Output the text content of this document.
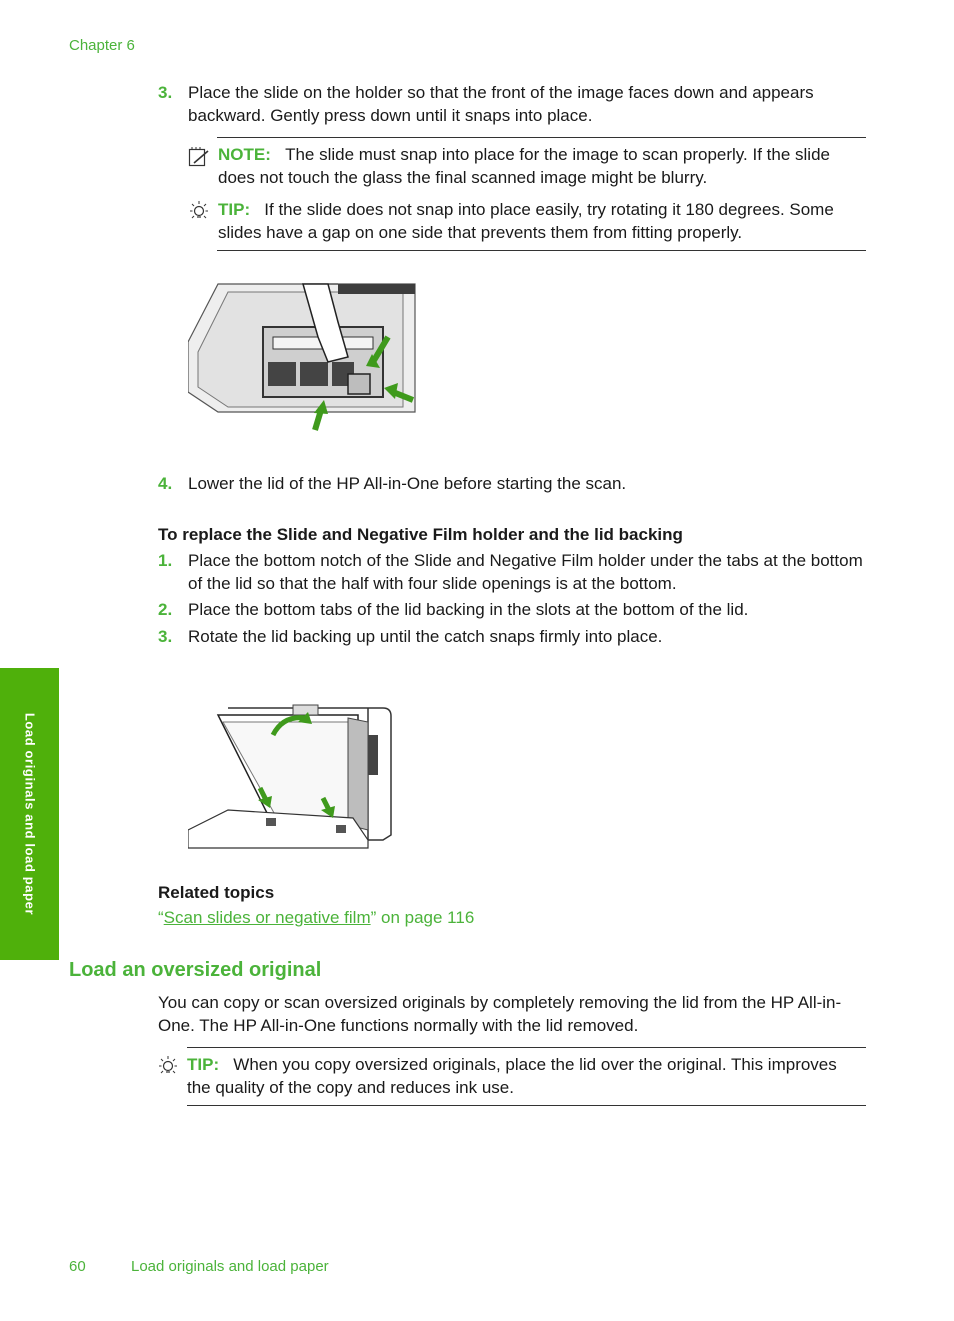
Chapter 6
Load originals and load paper
3. Place the slide on the holder so that the front of the image faces down and appears backward. Gently press down until it snaps into place.
NOTE: The slide must snap into place for the image to scan properly. If the slide does not touch the glass the final scanned image might be blurry.
TIP: If the slide does not snap into place easily, try rotating it 180 degrees. Some slides have a gap on one side that prevents them from fitting properly.
4. Lower the lid of the HP All-in-One before starting the scan.
To replace the Slide and Negative Film holder and the lid backing
1. Place the bottom notch of the Slide and Negative Film holder under the tabs at the bottom of the lid so that the half with four slide openings is at the bottom.
2. Place the bottom tabs of the lid backing in the slots at the bottom of the lid.
3. Rotate the lid backing up until the catch snaps firmly into place.
Related topics
“Scan slides or negative film” on page 116
Load an oversized original
You can copy or scan oversized originals by completely removing the lid from the HP All-in-One. The HP All-in-One functions normally with the lid removed.
TIP: When you copy oversized originals, place the lid over the original. This improves the quality of the copy and reduces ink use.
60	Load originals and load paper
